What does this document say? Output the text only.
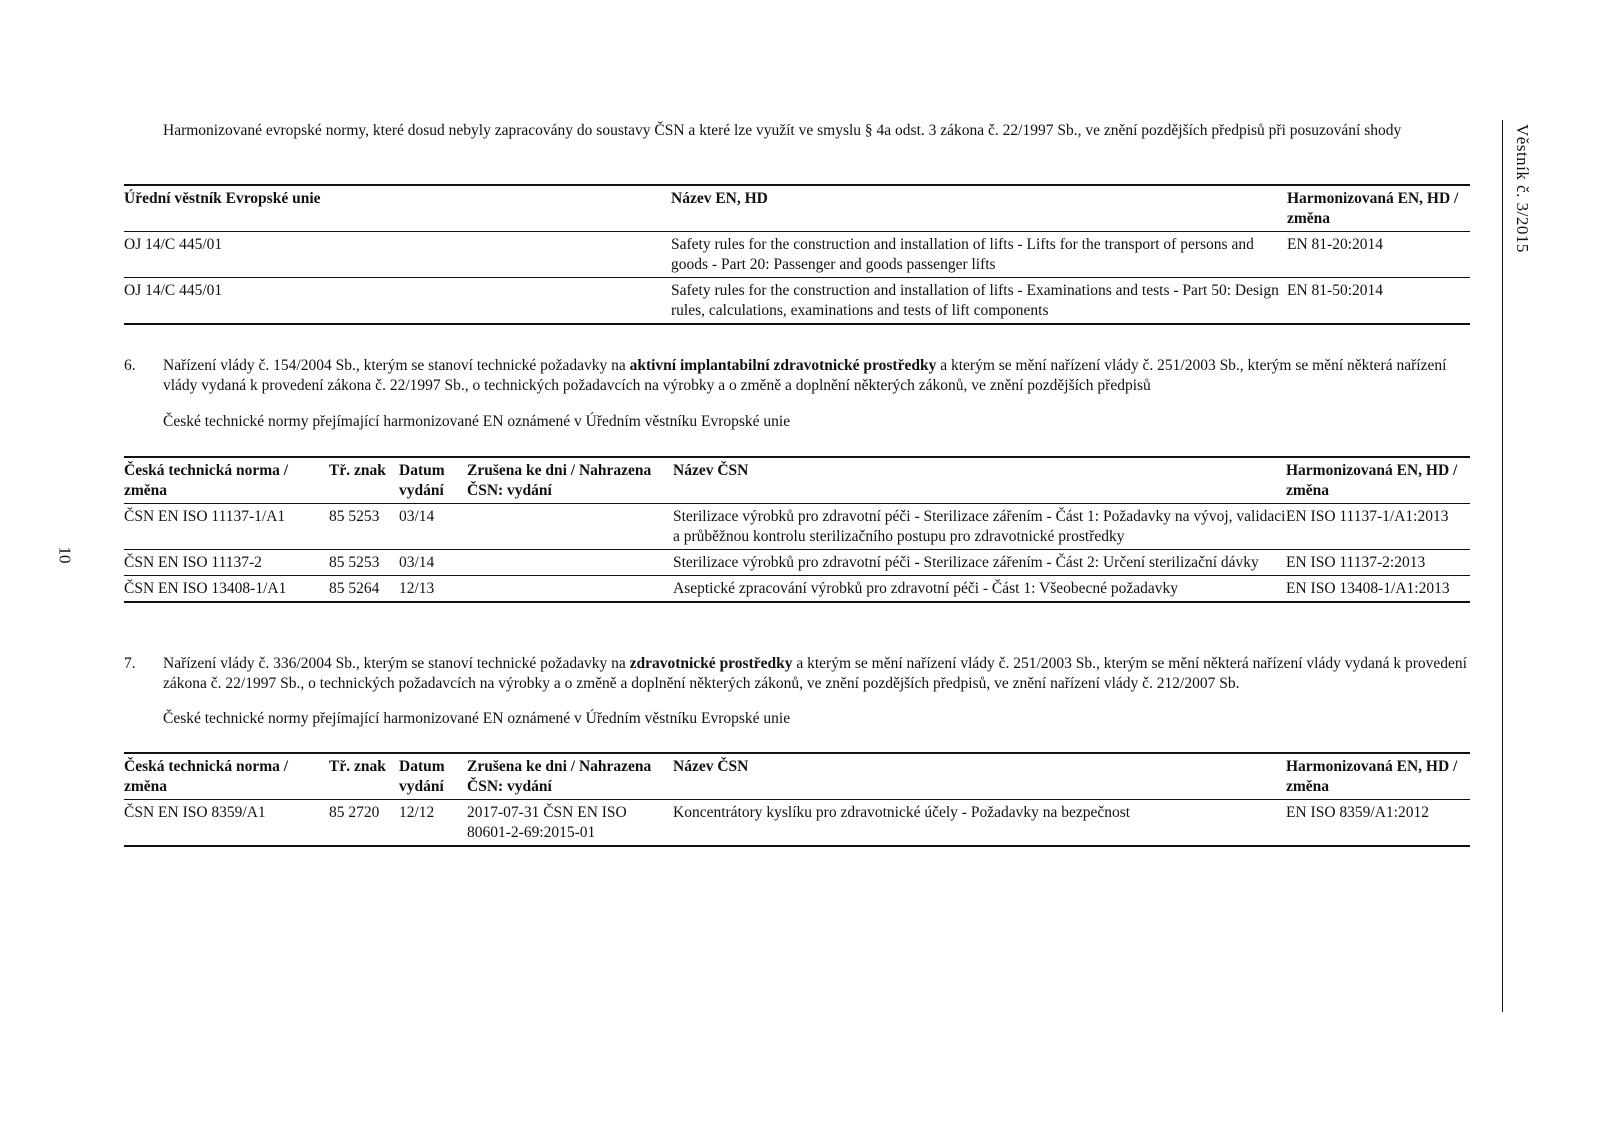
Věstník č. 3/2015
10
Harmonizované evropské normy, které dosud nebyly zapracovány do soustavy ČSN a které lze využít ve smyslu § 4a odst. 3 zákona č. 22/1997 Sb., ve znění pozdějších předpisů při posuzování shody
Úřední věstník Evropské unie	Název EN, HD	Harmonizovaná EN, HD / změna
OJ 14/C 445/01	Safety rules for the construction and installation of lifts - Lifts for the transport of persons and goods - Part 20: Passenger and goods passenger lifts	EN 81-20:2014
OJ 14/C 445/01	Safety rules for the construction and installation of lifts - Examinations and tests - Part 50: Design rules, calculations, examinations and tests of lift components	EN 81-50:2014
6. Nařízení vlády č. 154/2004 Sb., kterým se stanoví technické požadavky na aktivní implantabilní zdravotnické prostředky a kterým se mění nařízení vlády č. 251/2003 Sb., kterým se mění některá nařízení vlády vydaná k provedení zákona č. 22/1997 Sb., o technických požadavcích na výrobky a o změně a doplnění některých zákonů, ve znění pozdějších předpisů
České technické normy přejímající harmonizované EN oznámené v Úředním věstníku Evropské unie
Česká technická norma / změna	Tř. znak	Datum vydání	Zrušena ke dni / Nahrazena ČSN: vydání	Název ČSN	Harmonizovaná EN, HD / změna
ČSN EN ISO 11137-1/A1	85 5253	03/14		Sterilizace výrobků pro zdravotní péči - Sterilizace zářením - Část 1: Požadavky na vývoj, validaci a průběžnou kontrolu sterilizačního postupu pro zdravotnické prostředky	EN ISO 11137-1/A1:2013
ČSN EN ISO 11137-2	85 5253	03/14		Sterilizace výrobků pro zdravotní péči - Sterilizace zářením - Část 2: Určení sterilizační dávky	EN ISO 11137-2:2013
ČSN EN ISO 13408-1/A1	85 5264	12/13		Aseptické zpracování výrobků pro zdravotní péči - Část 1: Všeobecné požadavky	EN ISO 13408-1/A1:2013
7. Nařízení vlády č. 336/2004 Sb., kterým se stanoví technické požadavky na zdravotnické prostředky a kterým se mění nařízení vlády č. 251/2003 Sb., kterým se mění některá nařízení vlády vydaná k provedení zákona č. 22/1997 Sb., o technických požadavcích na výrobky a o změně a doplnění některých zákonů, ve znění pozdějších předpisů, ve znění nařízení vlády č. 212/2007 Sb.
České technické normy přejímající harmonizované EN oznámené v Úředním věstníku Evropské unie
Česká technická norma / změna	Tř. znak	Datum vydání	Zrušena ke dni / Nahrazena ČSN: vydání	Název ČSN	Harmonizovaná EN, HD / změna
ČSN EN ISO 8359/A1	85 2720	12/12	2017-07-31 ČSN EN ISO 80601-2-69:2015-01	Koncentrátory kyslíku pro zdravotnické účely - Požadavky na bezpečnost	EN ISO 8359/A1:2012
